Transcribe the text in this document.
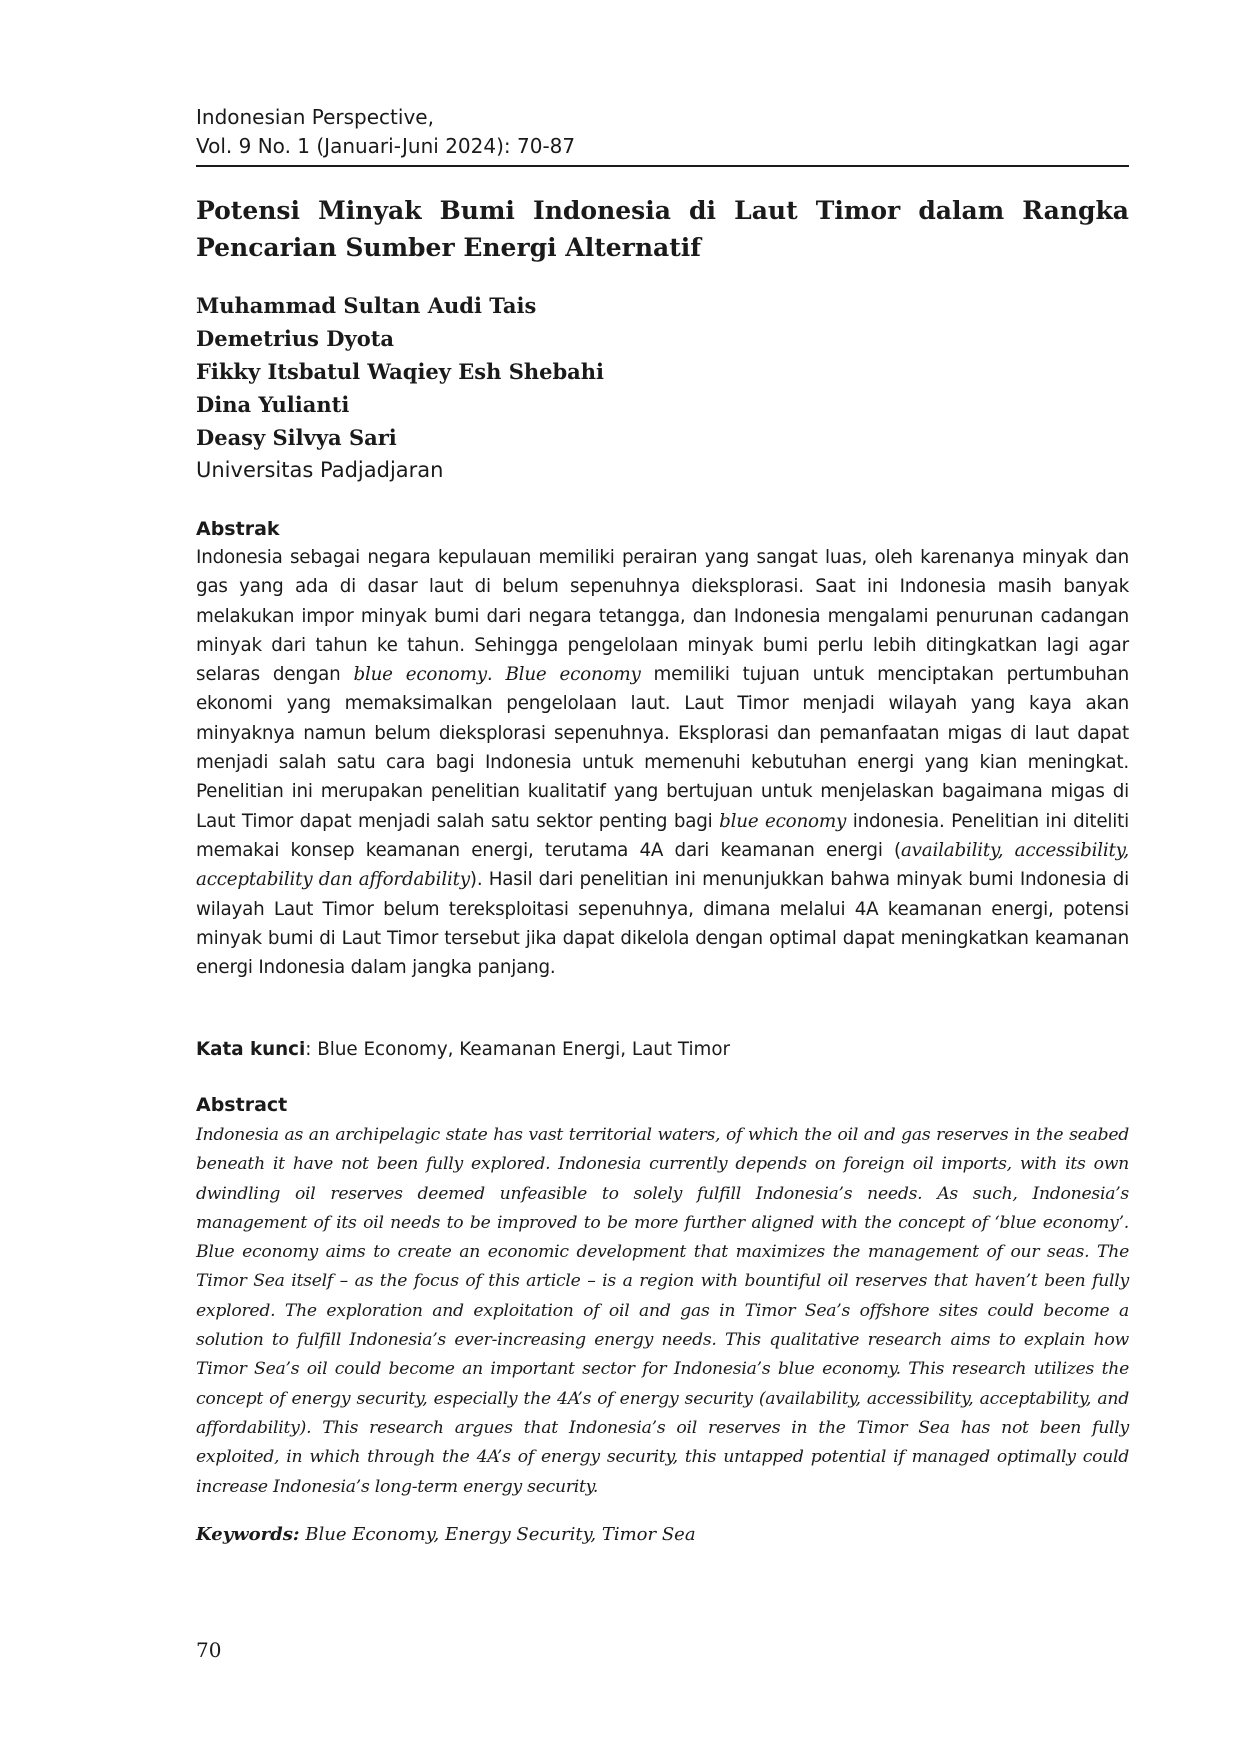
Indonesian Perspective,
Vol. 9 No. 1 (Januari-Juni 2024): 70-87
Potensi Minyak Bumi Indonesia di Laut Timor dalam Rangka Pencarian Sumber Energi Alternatif
Muhammad Sultan Audi Tais
Demetrius Dyota
Fikky Itsbatul Waqiey Esh Shebahi
Dina Yulianti
Deasy Silvya Sari
Universitas Padjadjaran
Abstrak
Indonesia sebagai negara kepulauan memiliki perairan yang sangat luas, oleh karenanya minyak dan gas yang ada di dasar laut di belum sepenuhnya dieksplorasi. Saat ini Indonesia masih banyak melakukan impor minyak bumi dari negara tetangga, dan Indonesia mengalami penurunan cadangan minyak dari tahun ke tahun. Sehingga pengelolaan minyak bumi perlu lebih ditingkatkan lagi agar selaras dengan blue economy. Blue economy memiliki tujuan untuk menciptakan pertumbuhan ekonomi yang memaksimalkan pengelolaan laut. Laut Timor menjadi wilayah yang kaya akan minyaknya namun belum dieksplorasi sepenuhnya. Eksplorasi dan pemanfaatan migas di laut dapat menjadi salah satu cara bagi Indonesia untuk memenuhi kebutuhan energi yang kian meningkat. Penelitian ini merupakan penelitian kualitatif yang bertujuan untuk menjelaskan bagaimana migas di Laut Timor dapat menjadi salah satu sektor penting bagi blue economy indonesia. Penelitian ini diteliti memakai konsep keamanan energi, terutama 4A dari keamanan energi (availability, accessibility, acceptability dan affordability). Hasil dari penelitian ini menunjukkan bahwa minyak bumi Indonesia di wilayah Laut Timor belum tereksploitasi sepenuhnya, dimana melalui 4A keamanan energi, potensi minyak bumi di Laut Timor tersebut jika dapat dikelola dengan optimal dapat meningkatkan keamanan energi Indonesia dalam jangka panjang.
Kata kunci: Blue Economy, Keamanan Energi, Laut Timor
Abstract
Indonesia as an archipelagic state has vast territorial waters, of which the oil and gas reserves in the seabed beneath it have not been fully explored. Indonesia currently depends on foreign oil imports, with its own dwindling oil reserves deemed unfeasible to solely fulfill Indonesia’s needs. As such, Indonesia’s management of its oil needs to be improved to be more further aligned with the concept of ‘blue economy’. Blue economy aims to create an economic development that maximizes the management of our seas. The Timor Sea itself – as the focus of this article – is a region with bountiful oil reserves that haven’t been fully explored. The exploration and exploitation of oil and gas in Timor Sea’s offshore sites could become a solution to fulfill Indonesia’s ever-increasing energy needs. This qualitative research aims to explain how Timor Sea’s oil could become an important sector for Indonesia’s blue economy. This research utilizes the concept of energy security, especially the 4A’s of energy security (availability, accessibility, acceptability, and affordability). This research argues that Indonesia’s oil reserves in the Timor Sea has not been fully exploited, in which through the 4A’s of energy security, this untapped potential if managed optimally could increase Indonesia’s long-term energy security.
Keywords: Blue Economy, Energy Security, Timor Sea
70
